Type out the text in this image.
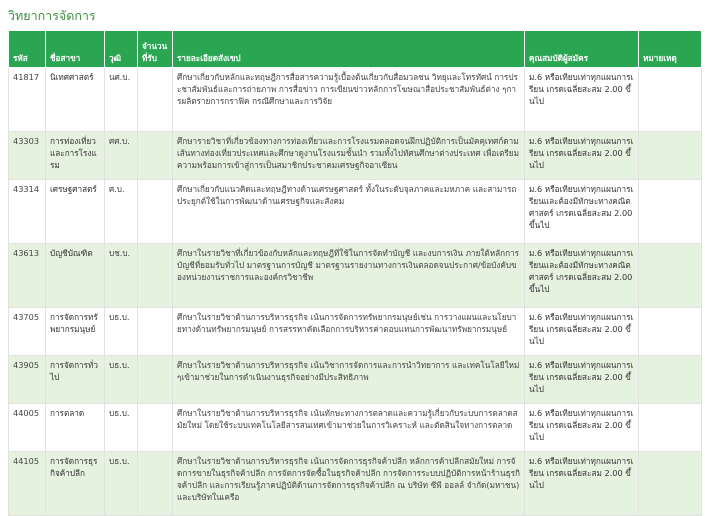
วิทยาการจัดการ
รหัส	ชื่อสาขา	วุฒิ	จำนวนที่รับ	รายละเอียดสังเขป	คุณสมบัติผู้สมัคร	หมายเหตุ
41817	นิเทศศาสตร์	นศ.บ.		ศึกษาเกี่ยวกับหลักและทฤษฎีการสื่อสารความรู้เบื้องต้นเกี่ยวกับสื่อมวลชน วิทยุและโทรทัศน์ การประชาสัมพันธ์และการถ่ายภาพ การสื่อข่าว การเขียนข่าวหลักการโฆษณาสื่อประชาสัมพันธ์ต่าง ๆการผลิตรายการกราฟิค กรณีศึกษาและการวิจัย	ม.6 หรือเทียบเท่าทุกแผนการเรียน เกรดเฉลี่ยสะสม 2.00 ขึ้นไป	
43303	การท่องเที่ยวและการโรงแรม	ศศ.บ.		ศึกษารายวิชาที่เกี่ยวข้องทางการท่องเที่ยวและการโรงแรมตลอดจนฝึกปฏิบัติการเป็นมัคคุเทศก์ตามเส้นทางท่องเที่ยวประเทศและศึกษาดูงานโรงแรมชั้นนำ รวมทั้งไปทัศนศึกษาต่างประเทศ เพื่อเตรียมความพร้อมการเข้าสู่การเป็นสมาชิกประชาคมเศรษฐกิจอาเซียน	ม.6 หรือเทียบเท่าทุกแผนการเรียน เกรดเฉลี่ยสะสม 2.00 ขึ้นไป	
43314	เศรษฐศาสตร์	ศ.บ.		ศึกษาเกี่ยวกับแนวคิดและทฤษฎีทางด้านเศรษฐศาสตร์ ทั้งในระดับจุลภาคและมหภาค และสามารถประยุกต์ใช้ในการพัฒนาด้านเศรษฐกิจและสังคม	ม.6 หรือเทียบเท่าทุกแผนการเรียนและต้องมีทักษะทางคณิตศาสตร์ เกรดเฉลี่ยสะสม 2.00 ขึ้นไป	
43613	บัญชีบัณฑิต	บช.บ.		ศึกษาในรายวิชาที่เกี่ยวข้องกับหลักและทฤษฎีที่ใช้ในการจัดทำบัญชี และงบการเงิน ภายใต้หลักการบัญชีที่ยอมรับทั่วไป มาตรฐานการบัญชี มาตรฐานรายงานทางการเงินตลอดจนประกาศ/ข้อบังคับของหน่วยงานราชการและองค์กรวิชาชีพ	ม.6 หรือเทียบเท่าทุกแผนการเรียนและต้องมีทักษะทางคณิตศาสตร์ เกรดเฉลี่ยสะสม 2.00 ขึ้นไป	
43705	การจัดการทรัพยากรมนุษย์	บธ.บ.		ศึกษาในรายวิชาด้านการบริหารธุรกิจ เน้นการจัดการทรัพยากรมนุษย์เช่น การวางแผนและนโยบายทางด้านทรัพยากรมนุษย์ การสรรหาคัดเลือกการบริหารค่าตอบแทนการพัฒนาทรัพยากรมนุษย์	ม.6 หรือเทียบเท่าทุกแผนการเรียน เกรดเฉลี่ยสะสม 2.00 ขึ้นไป	
43905	การจัดการทั่วไป	บธ.บ.		ศึกษาในรายวิชาด้านการบริหารธุรกิจ เน้นวิชาการจัดการและการนำวิทยาการ และเทคโนโลยีใหม่ ๆเข้ามาช่วยในการดำเนินงานธุรกิจอย่างมีประสิทธิภาพ	ม.6 หรือเทียบเท่าทุกแผนการเรียน เกรดเฉลี่ยสะสม 2.00 ขึ้นไป	
44005	การตลาด	บธ.บ.		ศึกษาในรายวิชาด้านการบริหารธุรกิจ เน้นทักษะทางการตลาดและความรู้เกี่ยวกับระบบการตลาดสมัยใหม่ โดยใช้ระบบเทคโนโลยีสารสนเทศเข้ามาช่วยในการวิเคราะห์ และตัดสินใจทางการตลาด	ม.6 หรือเทียบเท่าทุกแผนการเรียน เกรดเฉลี่ยสะสม 2.00 ขึ้นไป	
44105	การจัดการธุรกิจค้าปลีก	บธ.บ.		ศึกษาในรายวิชาด้านการบริหารธุรกิจ เน้นการจัดการธุรกิจค้าปลีก หลักการค้าปลีกสมัยใหม่ การจัดการขายในธุรกิจค้าปลีก การจัดการจัดซื้อในธุรกิจค้าปลีก การจัดการระบบปฏิบัติการหน้าร้านธุรกิจค้าปลีก และการเรียนรู้ภาคปฏิบัติด้านการจัดการธุรกิจค้าปลีก ณ บริษัท ซีพี ออลล์ จำกัด(มหาชน) และบริษัทในเครือ	ม.6 หรือเทียบเท่าทุกแผนการเรียน เกรดเฉลี่ยสะสม 2.00 ขึ้นไป	
